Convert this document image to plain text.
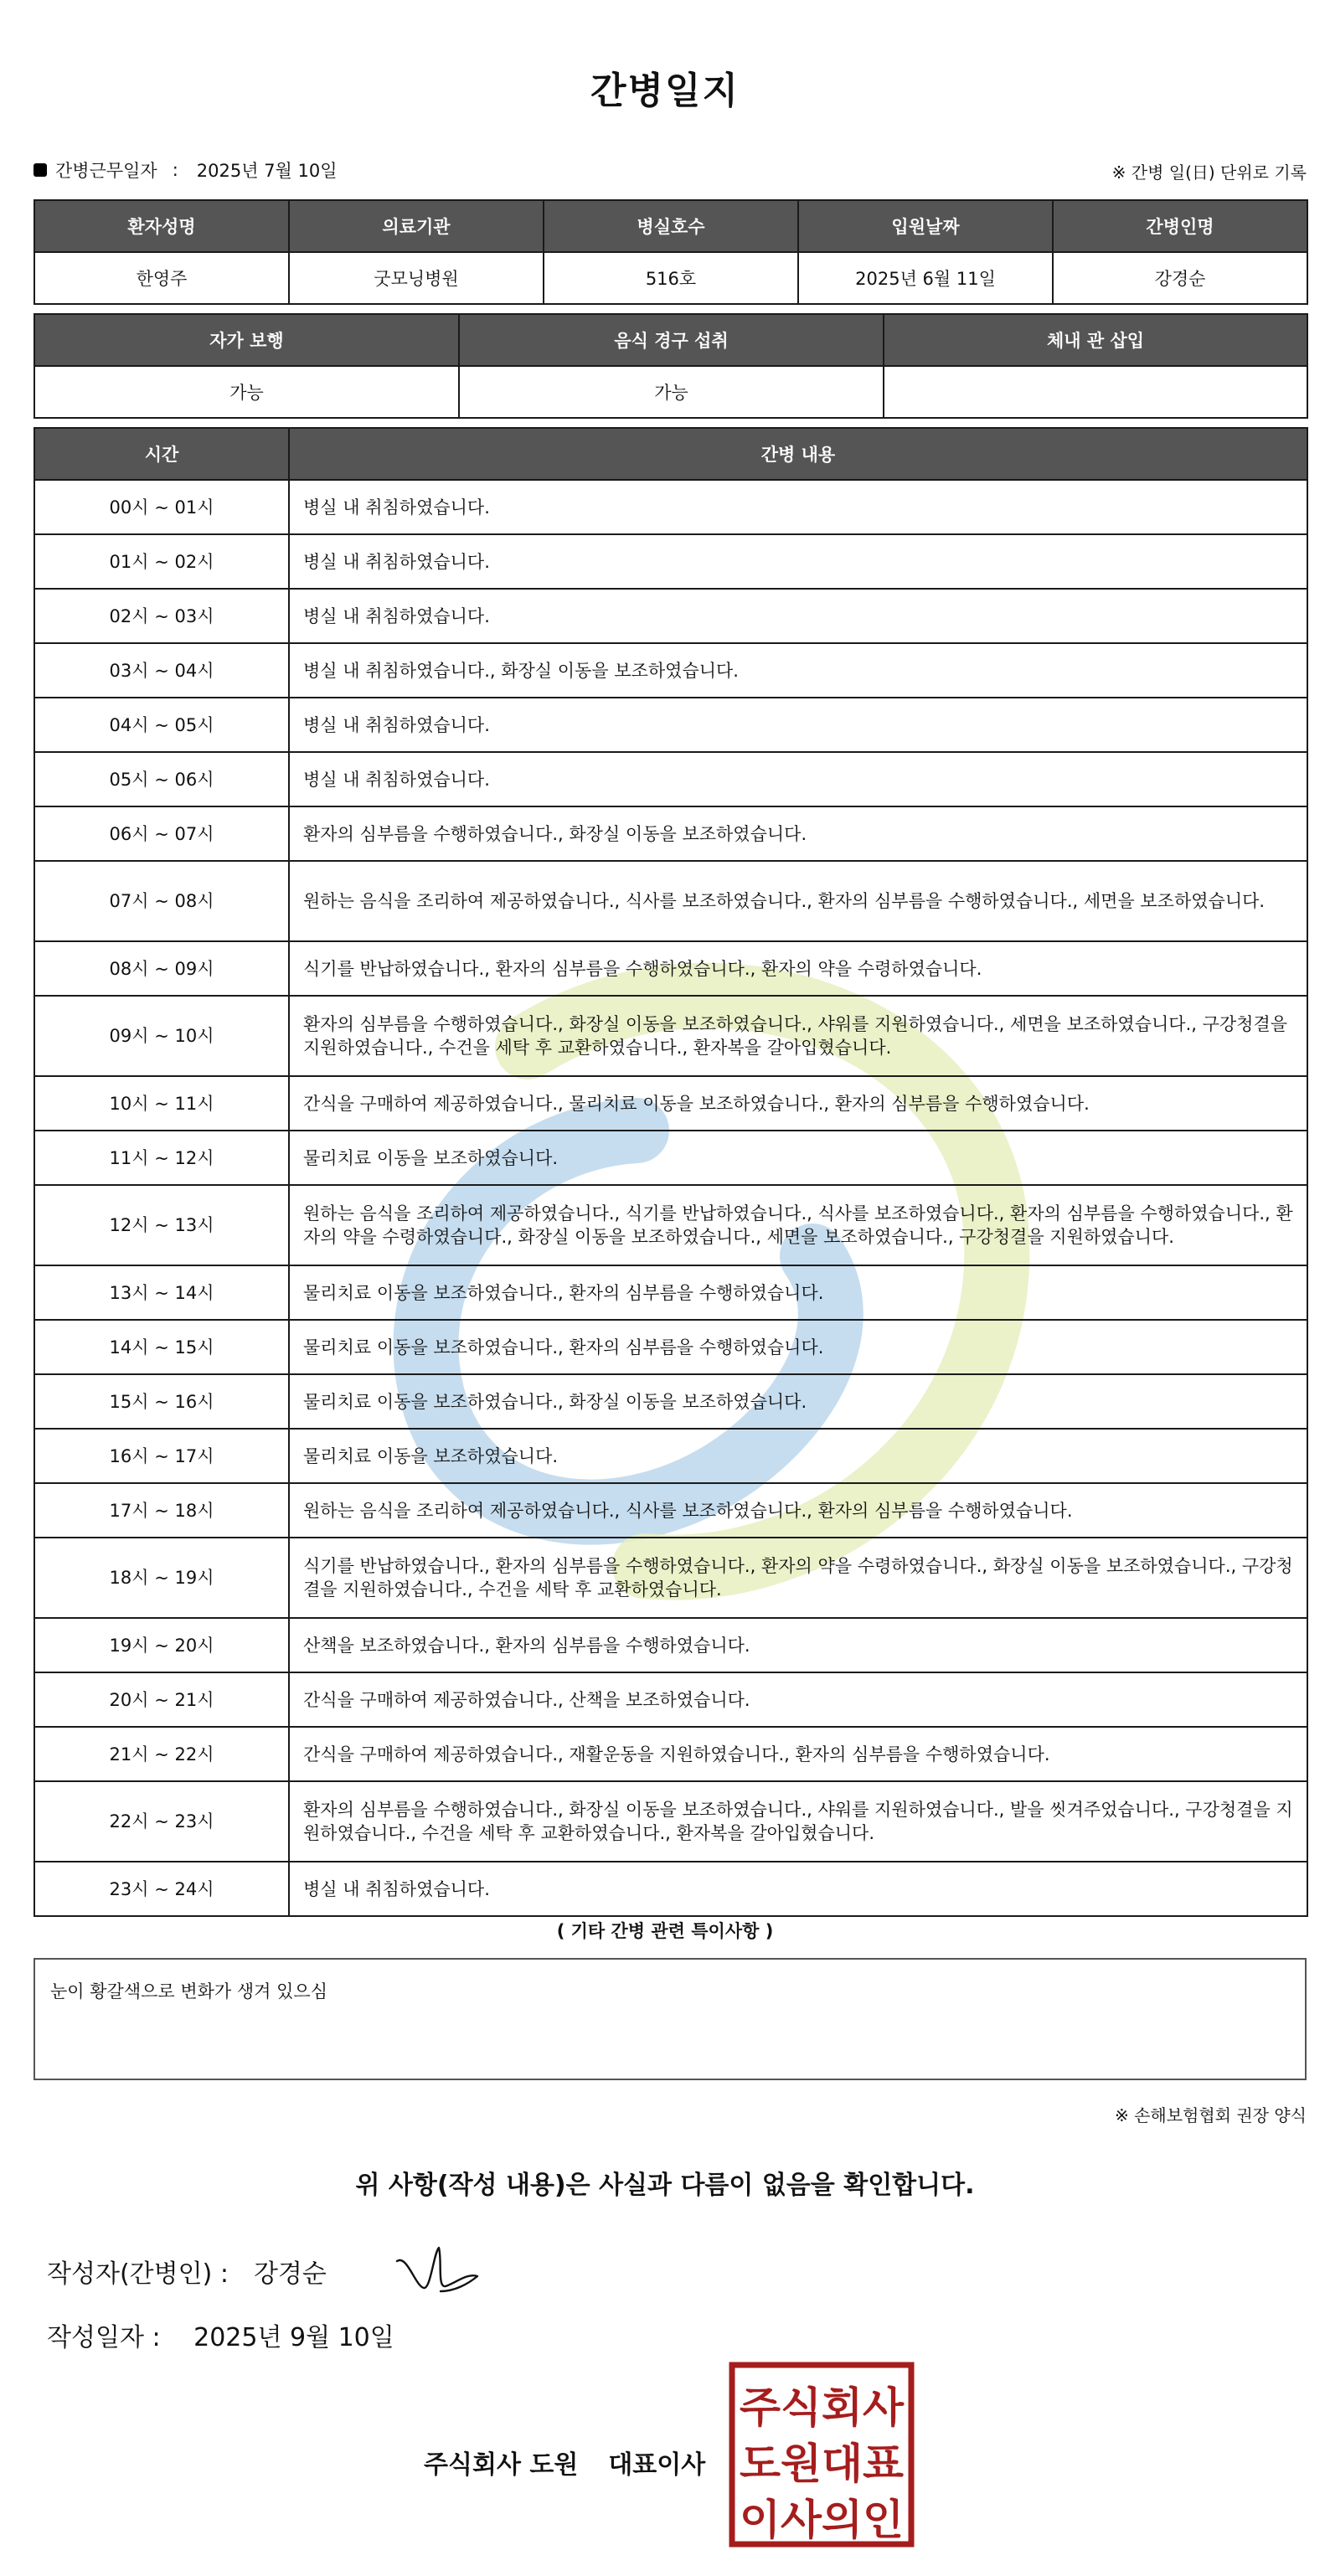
간병일지
간병근무일자 : 2025년 7월 10일	※ 간병 일(日) 단위로 기록
환자성명	의료기관	병실호수	입원날짜	간병인명
한영주	굿모닝병원	516호	2025년 6월 11일	강경순
자가 보행	음식 경구 섭취	체내 관 삽입
가능	가능	
시간	간병 내용
00시 ~ 01시	병실 내 취침하였습니다.
01시 ~ 02시	병실 내 취침하였습니다.
02시 ~ 03시	병실 내 취침하였습니다.
03시 ~ 04시	병실 내 취침하였습니다., 화장실 이동을 보조하였습니다.
04시 ~ 05시	병실 내 취침하였습니다.
05시 ~ 06시	병실 내 취침하였습니다.
06시 ~ 07시	환자의 심부름을 수행하였습니다., 화장실 이동을 보조하였습니다.
07시 ~ 08시	원하는 음식을 조리하여 제공하였습니다., 식사를 보조하였습니다., 환자의 심부름을 수행하였습니다., 세면을 보조하였습니다.
08시 ~ 09시	식기를 반납하였습니다., 환자의 심부름을 수행하였습니다., 환자의 약을 수령하였습니다.
09시 ~ 10시	환자의 심부름을 수행하였습니다., 화장실 이동을 보조하였습니다., 샤워를 지원하였습니다., 세면을 보조하였습니다., 구강청결을 지원하였습니다., 수건을 세탁 후 교환하였습니다., 환자복을 갈아입혔습니다.
10시 ~ 11시	간식을 구매하여 제공하였습니다., 물리치료 이동을 보조하였습니다., 환자의 심부름을 수행하였습니다.
11시 ~ 12시	물리치료 이동을 보조하였습니다.
12시 ~ 13시	원하는 음식을 조리하여 제공하였습니다., 식기를 반납하였습니다., 식사를 보조하였습니다., 환자의 심부름을 수행하였습니다., 환자의 약을 수령하였습니다., 화장실 이동을 보조하였습니다., 세면을 보조하였습니다., 구강청결을 지원하였습니다.
13시 ~ 14시	물리치료 이동을 보조하였습니다., 환자의 심부름을 수행하였습니다.
14시 ~ 15시	물리치료 이동을 보조하였습니다., 환자의 심부름을 수행하였습니다.
15시 ~ 16시	물리치료 이동을 보조하였습니다., 화장실 이동을 보조하였습니다.
16시 ~ 17시	물리치료 이동을 보조하였습니다.
17시 ~ 18시	원하는 음식을 조리하여 제공하였습니다., 식사를 보조하였습니다., 환자의 심부름을 수행하였습니다.
18시 ~ 19시	식기를 반납하였습니다., 환자의 심부름을 수행하였습니다., 환자의 약을 수령하였습니다., 화장실 이동을 보조하였습니다., 구강청결을 지원하였습니다., 수건을 세탁 후 교환하였습니다.
19시 ~ 20시	산책을 보조하였습니다., 환자의 심부름을 수행하였습니다.
20시 ~ 21시	간식을 구매하여 제공하였습니다., 산책을 보조하였습니다.
21시 ~ 22시	간식을 구매하여 제공하였습니다., 재활운동을 지원하였습니다., 환자의 심부름을 수행하였습니다.
22시 ~ 23시	환자의 심부름을 수행하였습니다., 화장실 이동을 보조하였습니다., 샤워를 지원하였습니다., 발을 씻겨주었습니다., 구강청결을 지원하였습니다., 수건을 세탁 후 교환하였습니다., 환자복을 갈아입혔습니다.
23시 ~ 24시	병실 내 취침하였습니다.
( 기타 간병 관련 특이사항 )
눈이 황갈색으로 변화가 생겨 있으심
※ 손해보험협회 권장 양식
위 사항(작성 내용)은 사실과 다름이 없음을 확인합니다.
작성자(간병인) : 강경순
작성일자 : 2025년 9월 10일
주식회사 도원 대표이사
주식회사
도원대표
이사의인
